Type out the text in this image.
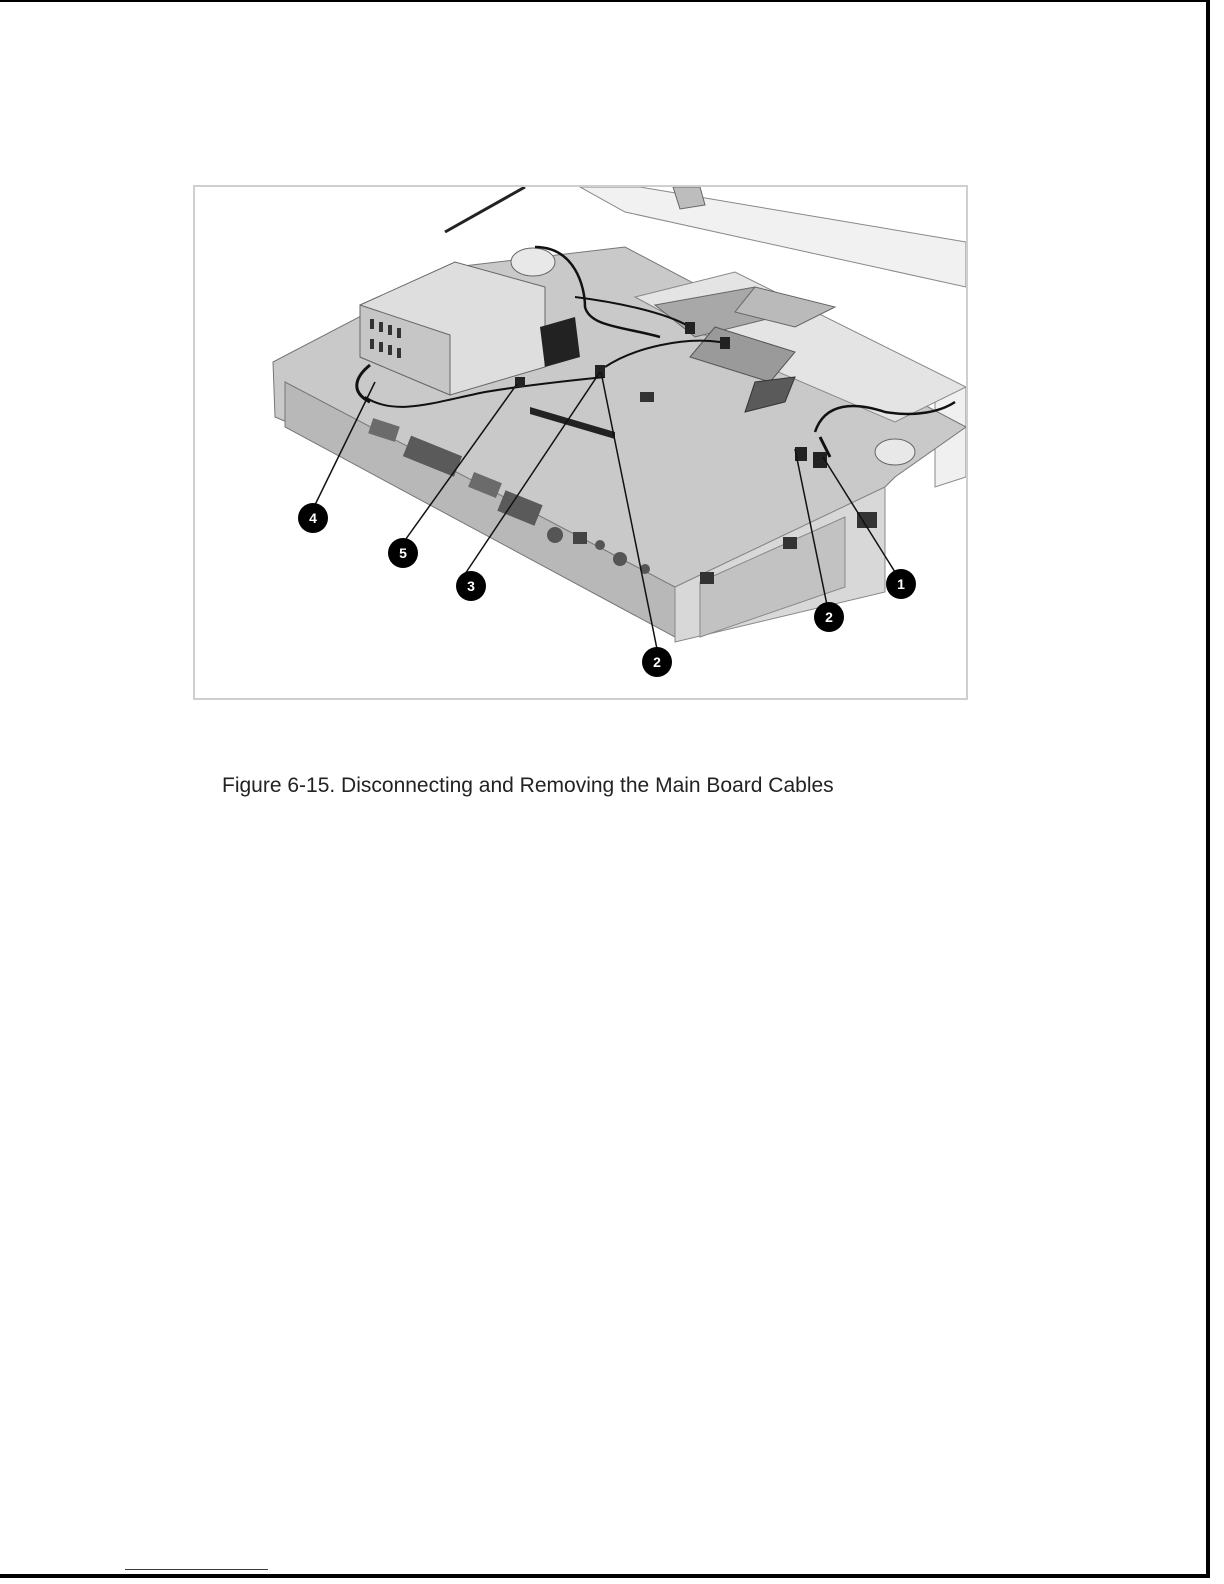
4
5
3
2
2
1
Figure 6-15. Disconnecting and Removing the Main Board Cables
